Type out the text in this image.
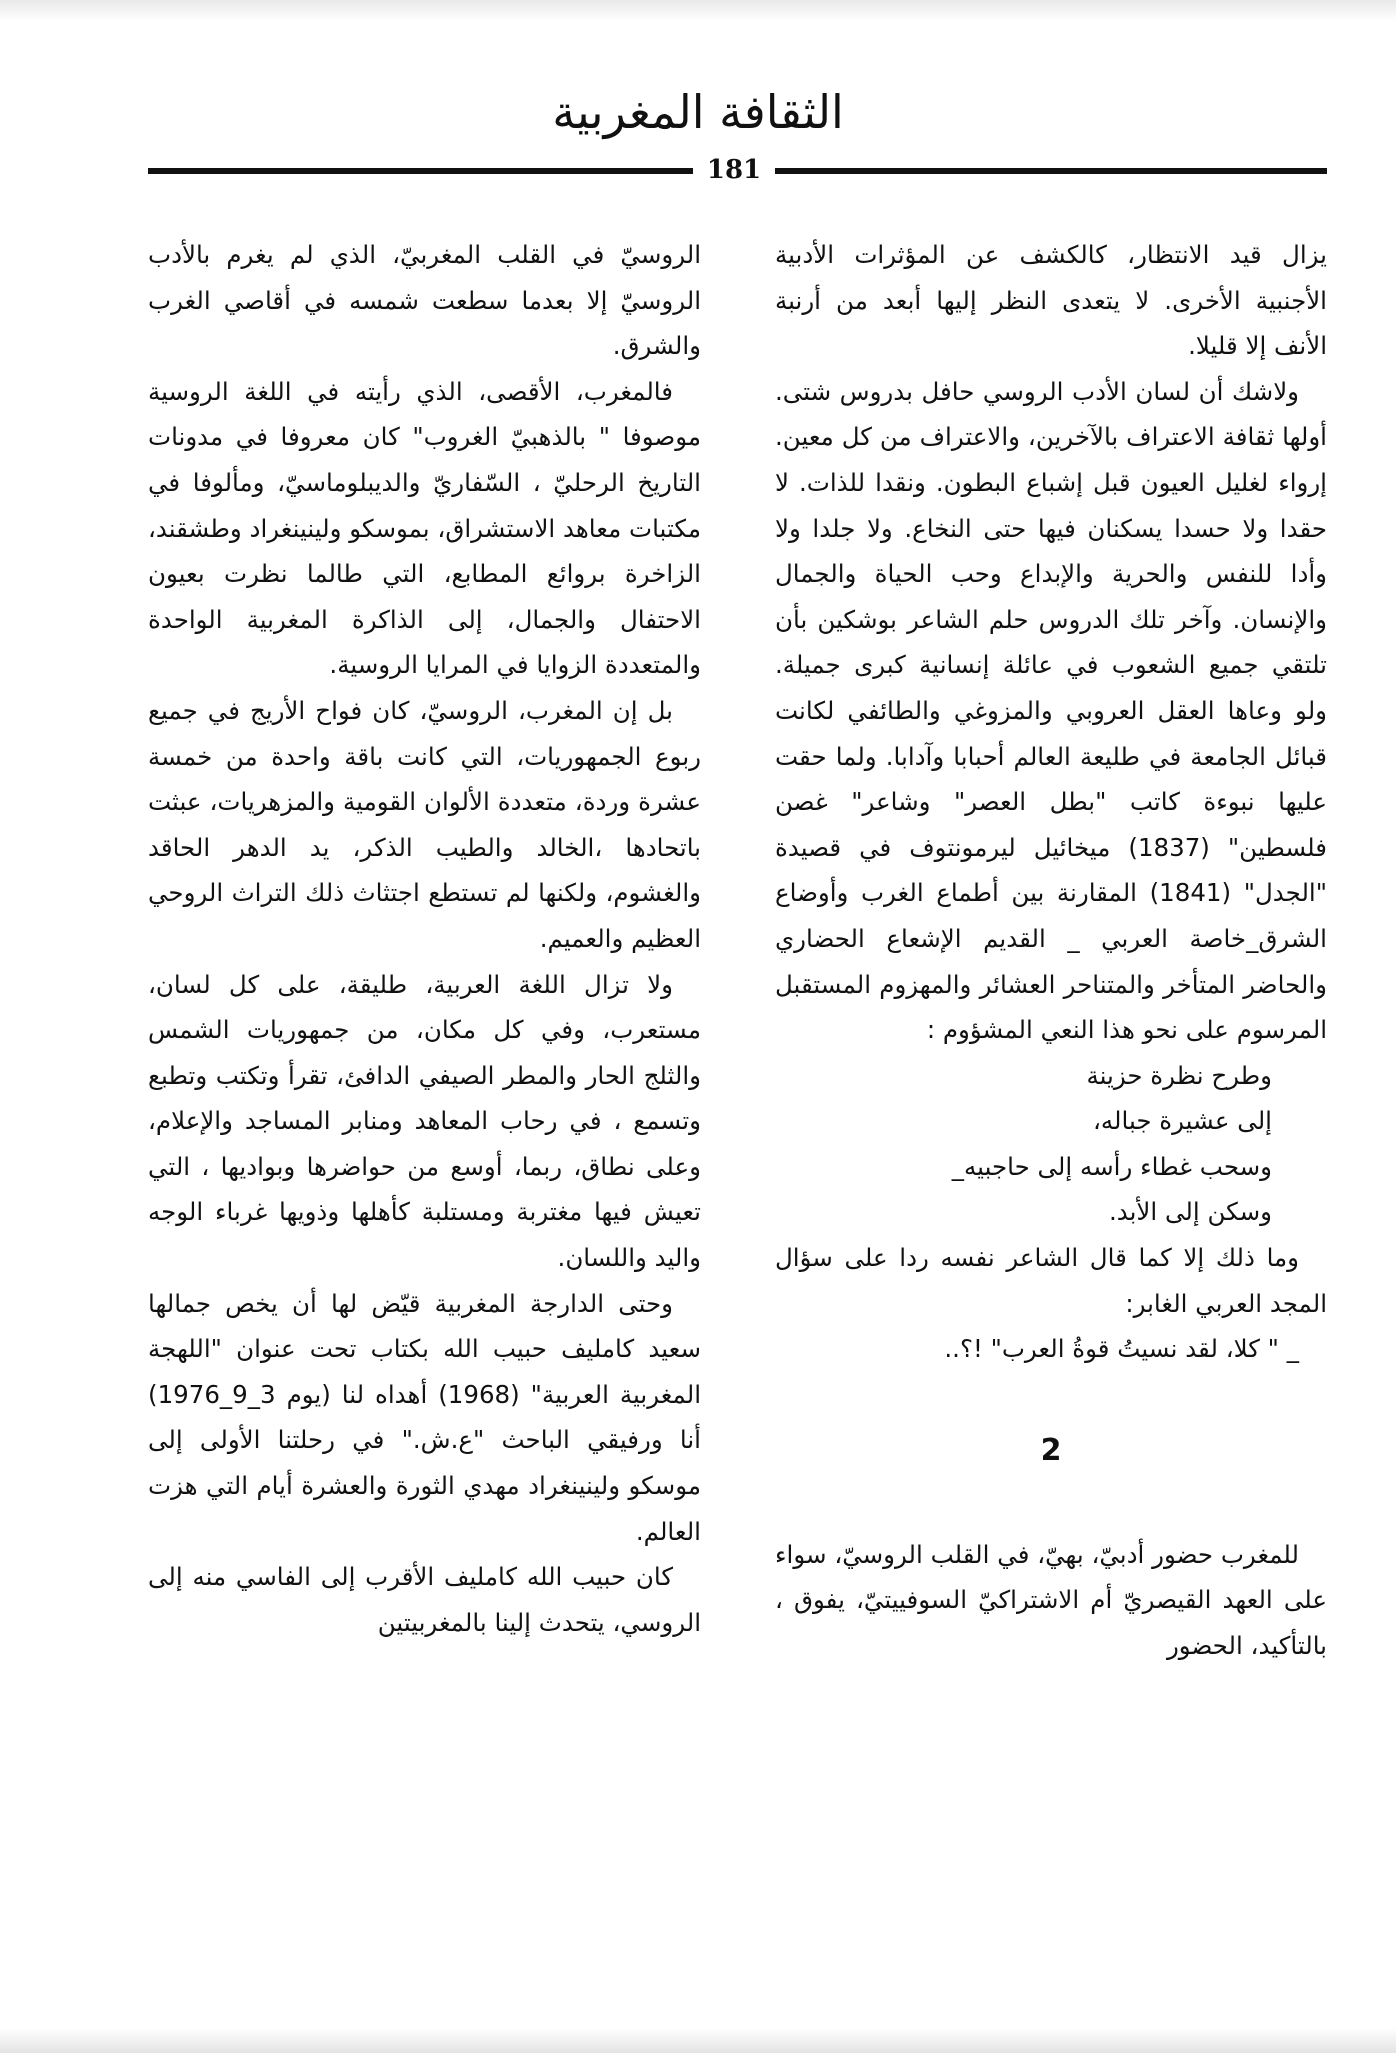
الثقافة المغربية
181

يزال قيد الانتظار، كالكشف عن المؤثرات الأدبية الأجنبية الأخرى. لا يتعدى النظر إليها أبعد من أرنبة الأنف إلا قليلا.

ولاشك أن لسان الأدب الروسي حافل بدروس شتى. أولها ثقافة الاعتراف بالآخرين، والاعتراف من كل معين. إرواء لغليل العيون قبل إشباع البطون. ونقدا للذات. لا حقدا ولا حسدا يسكنان فيها حتى النخاع. ولا جلدا ولا وأدا للنفس والحرية والإبداع وحب الحياة والجمال والإنسان. وآخر تلك الدروس حلم الشاعر بوشكين بأن تلتقي جميع الشعوب في عائلة إنسانية كبرى جميلة. ولو وعاها العقل العروبي والمزوغي والطائفي لكانت قبائل الجامعة في طليعة العالم أحبابا وآدابا. ولما حقت عليها نبوءة كاتب "بطل العصر" وشاعر" غصن فلسطين" (1837) ميخائيل ليرمونتوف في قصيدة "الجدل" (1841) المقارنة بين أطماع الغرب وأوضاع الشرق_خاصة العربي _ القديم الإشعاع الحضاري والحاضر المتأخر والمتناحر العشائر والمهزوم المستقبل المرسوم على نحو هذا النعي المشؤوم :

وطرح نظرة حزينة

إلى عشيرة جباله،

وسحب غطاء رأسه إلى حاجبيه_

وسكن إلى الأبد.

وما ذلك إلا كما قال الشاعر نفسه ردا على سؤال المجد العربي الغابر:

_ " كلا، لقد نسيتُ قوةُ العرب" !؟..

2

للمغرب حضور أدبيّ، بهيّ، في القلب الروسيّ، سواء على العهد القيصريّ أم الاشتراكيّ السوفييتيّ، يفوق ، بالتأكيد، الحضور

الروسيّ في القلب المغربيّ، الذي لم يغرم بالأدب الروسيّ إلا بعدما سطعت شمسه في أقاصي الغرب والشرق.

فالمغرب، الأقصى، الذي رأيته في اللغة الروسية موصوفا " بالذهبيّ الغروب" كان معروفا في مدونات التاريخ الرحليّ ، السّفاريّ والديبلوماسيّ، ومألوفا في مكتبات معاهد الاستشراق، بموسكو ولينينغراد وطشقند، الزاخرة بروائع المطابع، التي طالما نظرت بعيون الاحتفال والجمال، إلى الذاكرة المغربية الواحدة والمتعددة الزوايا في المرايا الروسية.

بل إن المغرب، الروسيّ، كان فواح الأريج في جميع ربوع الجمهوريات، التي كانت باقة واحدة من خمسة عشرة وردة، متعددة الألوان القومية والمزهريات، عبثت باتحادها ،الخالد والطيب الذكر، يد الدهر الحاقد والغشوم، ولكنها لم تستطع اجتثاث ذلك التراث الروحي العظيم والعميم.

ولا تزال اللغة العربية، طليقة، على كل لسان، مستعرب، وفي كل مكان، من جمهوريات الشمس والثلج الحار والمطر الصيفي الدافئ، تقرأ وتكتب وتطبع وتسمع ، في رحاب المعاهد ومنابر المساجد والإعلام، وعلى نطاق، ربما، أوسع من حواضرها وبواديها ، التي تعيش فيها مغتربة ومستلبة كأهلها وذويها غرباء الوجه واليد واللسان.

وحتى الدارجة المغربية قيّض لها أن يخص جمالها سعيد كامليف حبيب الله بكتاب تحت عنوان "اللهجة المغربية العربية" (1968) أهداه لنا (يوم 3_9_1976) أنا ورفيقي الباحث "ع.ش." في رحلتنا الأولى إلى موسكو ولينينغراد مهدي الثورة والعشرة أيام التي هزت العالم.

كان حبيب الله كامليف الأقرب إلى الفاسي منه إلى الروسي، يتحدث إلينا بالمغربيتين
